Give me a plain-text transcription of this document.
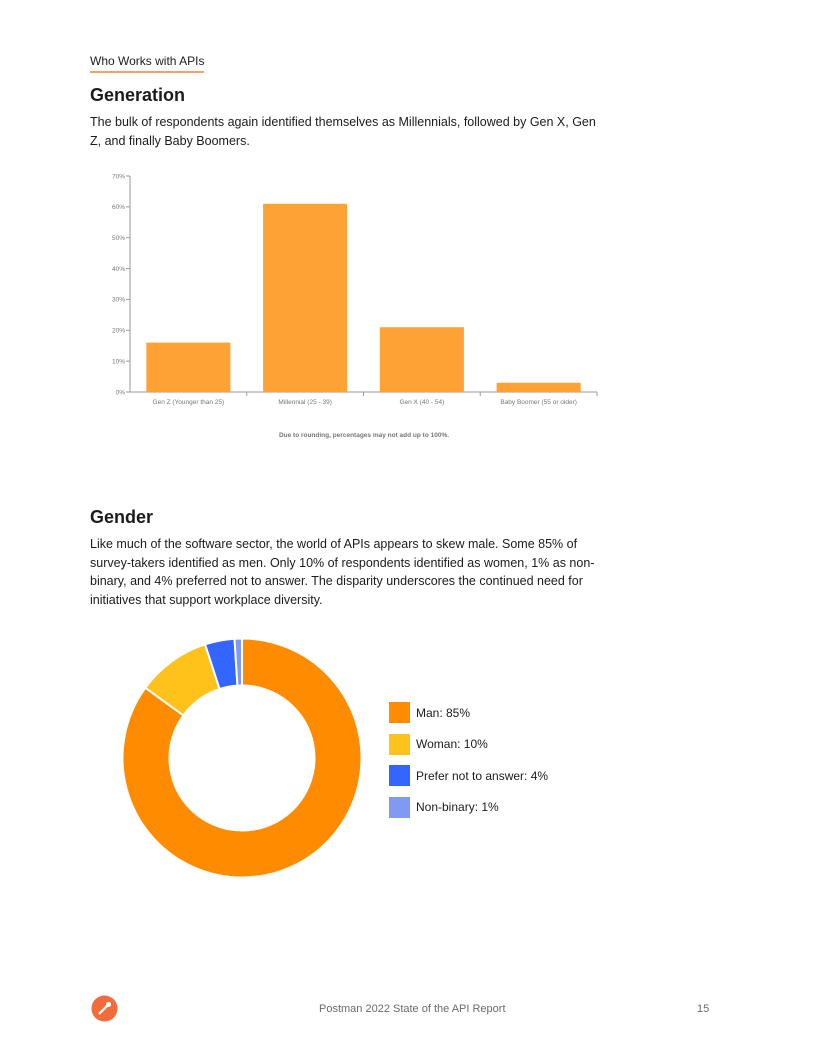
Who Works with APIs
Generation

The bulk of respondents again identified themselves as Millennials, followed by Gen X, Gen Z, and finally Baby Boomers.

0%
10%
20%
30%
40%
50%
60%
70%
Gen Z (Younger than 25)	Millennial (25 - 39)	Gen X (40 - 54)	Baby Boomer (55 or older)
Due to rounding, percentages may not add up to 100%.
Gender

Like much of the software sector, the world of APIs appears to skew male. Some 85% of survey-takers identified as men. Only 10% of respondents identified as women, 1% as non-binary, and 4% preferred not to answer. The disparity underscores the continued need for initiatives that support workplace diversity.

Man: 85%
Woman: 10%
Prefer not to answer: 4%
Non-binary: 1%
Postman 2022 State of the API Report	15
